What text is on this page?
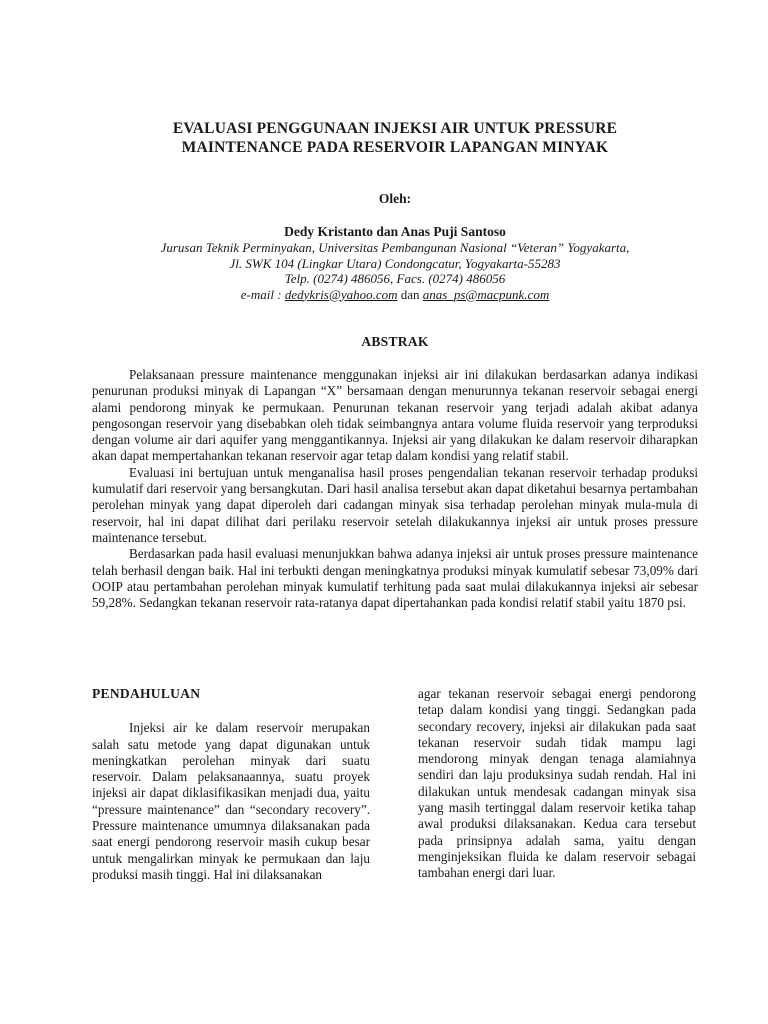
EVALUASI PENGGUNAAN INJEKSI AIR UNTUK PRESSURE
MAINTENANCE PADA RESERVOIR LAPANGAN MINYAK
Oleh:
Dedy Kristanto dan Anas Puji Santoso
Jurusan Teknik Perminyakan, Universitas Pembangunan Nasional “Veteran” Yogyakarta,
Jl. SWK 104 (Lingkar Utara) Condongcatur, Yogyakarta-55283
Telp. (0274) 486056, Facs. (0274) 486056
e-mail : dedykris@yahoo.com dan anas_ps@macpunk.com
ABSTRAK

Pelaksanaan pressure maintenance menggunakan injeksi air ini dilakukan berdasarkan adanya indikasi penurunan produksi minyak di Lapangan “X” bersamaan dengan menurunnya tekanan reservoir sebagai energi alami pendorong minyak ke permukaan. Penurunan tekanan reservoir yang terjadi adalah akibat adanya pengosongan reservoir yang disebabkan oleh tidak seimbangnya antara volume fluida reservoir yang terproduksi dengan volume air dari aquifer yang menggantikannya. Injeksi air yang dilakukan ke dalam reservoir diharapkan akan dapat mempertahankan tekanan reservoir agar tetap dalam kondisi yang relatif stabil.

Evaluasi ini bertujuan untuk menganalisa hasil proses pengendalian tekanan reservoir terhadap produksi kumulatif dari reservoir yang bersangkutan. Dari hasil analisa tersebut akan dapat diketahui besarnya pertambahan perolehan minyak yang dapat diperoleh dari cadangan minyak sisa terhadap perolehan minyak mula-mula di reservoir, hal ini dapat dilihat dari perilaku reservoir setelah dilakukannya injeksi air untuk proses pressure maintenance tersebut.

Berdasarkan pada hasil evaluasi menunjukkan bahwa adanya injeksi air untuk proses pressure maintenance telah berhasil dengan baik. Hal ini terbukti dengan meningkatnya produksi minyak kumulatif sebesar 73,09% dari OOIP atau pertambahan perolehan minyak kumulatif terhitung pada saat mulai dilakukannya injeksi air sebesar 59,28%. Sedangkan tekanan reservoir rata-ratanya dapat dipertahankan pada kondisi relatif stabil yaitu 1870 psi.

PENDAHULUAN

Injeksi air ke dalam reservoir merupakan salah satu metode yang dapat digunakan untuk meningkatkan perolehan minyak dari suatu reservoir. Dalam pelaksanaannya, suatu proyek injeksi air dapat diklasifikasikan menjadi dua, yaitu “pressure maintenance” dan “secondary recovery”. Pressure maintenance umumnya dilaksanakan pada saat energi pendorong reservoir masih cukup besar untuk mengalirkan minyak ke permukaan dan laju produksi masih tinggi. Hal ini dilaksanakan

agar tekanan reservoir sebagai energi pendorong tetap dalam kondisi yang tinggi. Sedangkan pada secondary recovery, injeksi air dilakukan pada saat tekanan reservoir sudah tidak mampu lagi mendorong minyak dengan tenaga alamiahnya sendiri dan laju produksinya sudah rendah. Hal ini dilakukan untuk mendesak cadangan minyak sisa yang masih tertinggal dalam reservoir ketika tahap awal produksi dilaksanakan. Kedua cara tersebut pada prinsipnya adalah sama, yaitu dengan menginjeksikan fluida ke dalam reservoir sebagai tambahan energi dari luar.
